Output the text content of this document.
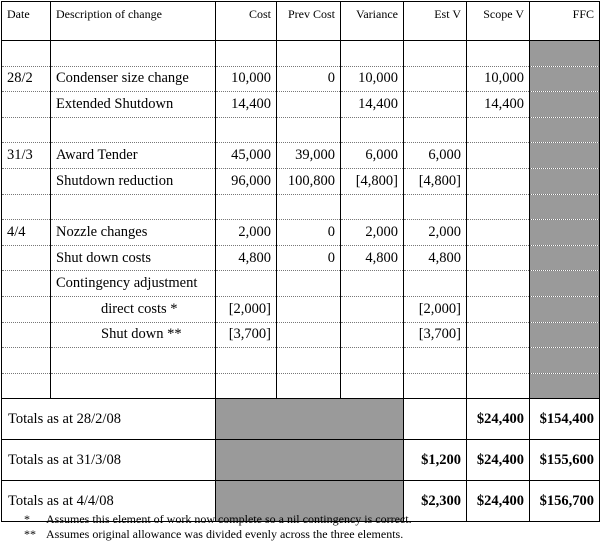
Date	Description of change	Cost	Prev Cost	Variance	Est V	Scope V	FFC

28/2	Condenser size change	10,000	0	10,000		10,000	
	Extended Shutdown	14,400		14,400		14,400	

31/3	Award Tender	45,000	39,000	6,000	6,000		
	Shutdown reduction	96,000	100,800	[4,800]	[4,800]		

4/4	Nozzle changes	2,000	0	2,000	2,000		
	Shut down costs	4,800	0	4,800	4,800		
	Contingency adjustment						
	direct costs *	[2,000]			[2,000]		
	Shut down **	[3,700]			[3,700]		

Totals as at 28/2/08						$24,400	$154,400
Totals as at 31/3/08					$1,200	$24,400	$155,600
Totals as at 4/4/08					$2,300	$24,400	$156,700
* Assumes this element of work now complete so a nil contingency is correct.
** Assumes original allowance was divided evenly across the three elements.
